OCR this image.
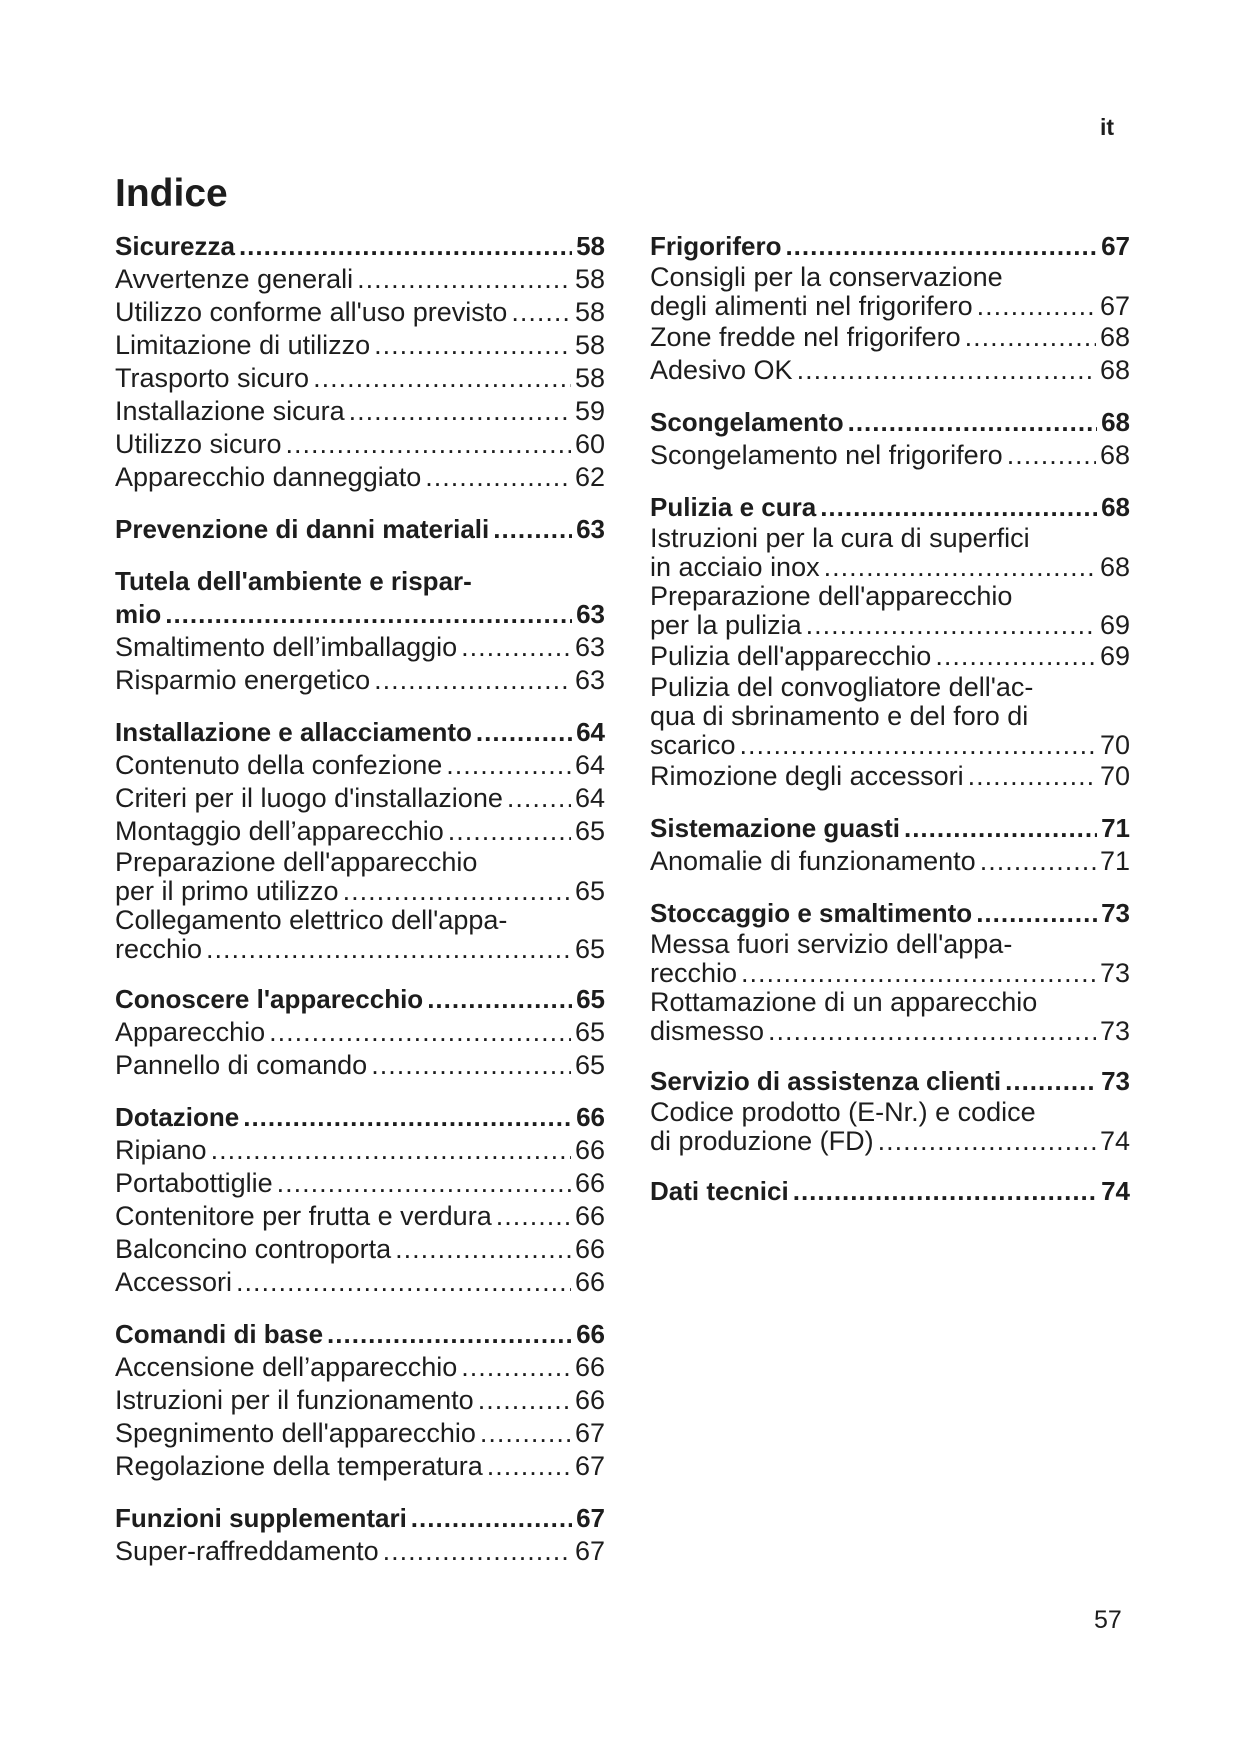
it
Indice
Sicurezza .....	58
Avvertenze generali .....	58
Utilizzo conforme all'uso previsto .....	58
Limitazione di utilizzo .....	58
Trasporto sicuro .....	58
Installazione sicura .....	59
Utilizzo sicuro .....	60
Apparecchio danneggiato .....	62
Prevenzione di danni materiali .....	63
Tutela dell'ambiente e rispar-
mio .....	63
Smaltimento dell’imballaggio .....	63
Risparmio energetico .....	63
Installazione e allacciamento .....	64
Contenuto della confezione .....	64
Criteri per il luogo d'installazione .....	64
Montaggio dell’apparecchio .....	65
Preparazione dell'apparecchio
per il primo utilizzo .....	65
Collegamento elettrico dell'appa-
recchio .....	65
Conoscere l'apparecchio .....	65
Apparecchio .....	65
Pannello di comando .....	65
Dotazione .....	66
Ripiano .....	66
Portabottiglie .....	66
Contenitore per frutta e verdura .....	66
Balconcino controporta .....	66
Accessori .....	66
Comandi di base .....	66
Accensione dell’apparecchio .....	66
Istruzioni per il funzionamento .....	66
Spegnimento dell'apparecchio .....	67
Regolazione della temperatura .....	67
Funzioni supplementari .....	67
Super-raffreddamento .....	67
Frigorifero .....	67
Consigli per la conservazione
degli alimenti nel frigorifero .....	67
Zone fredde nel frigorifero .....	68
Adesivo OK .....	68
Scongelamento .....	68
Scongelamento nel frigorifero .....	68
Pulizia e cura .....	68
Istruzioni per la cura di superfici
in acciaio inox .....	68
Preparazione dell'apparecchio
per la pulizia .....	69
Pulizia dell'apparecchio .....	69
Pulizia del convogliatore dell'ac-
qua di sbrinamento e del foro di
scarico .....	70
Rimozione degli accessori .....	70
Sistemazione guasti .....	71
Anomalie di funzionamento .....	71
Stoccaggio e smaltimento .....	73
Messa fuori servizio dell'appa-
recchio .....	73
Rottamazione di un apparecchio
dismesso .....	73
Servizio di assistenza clienti .....	73
Codice prodotto (E-Nr.) e codice
di produzione (FD) .....	74
Dati tecnici .....	74
57
